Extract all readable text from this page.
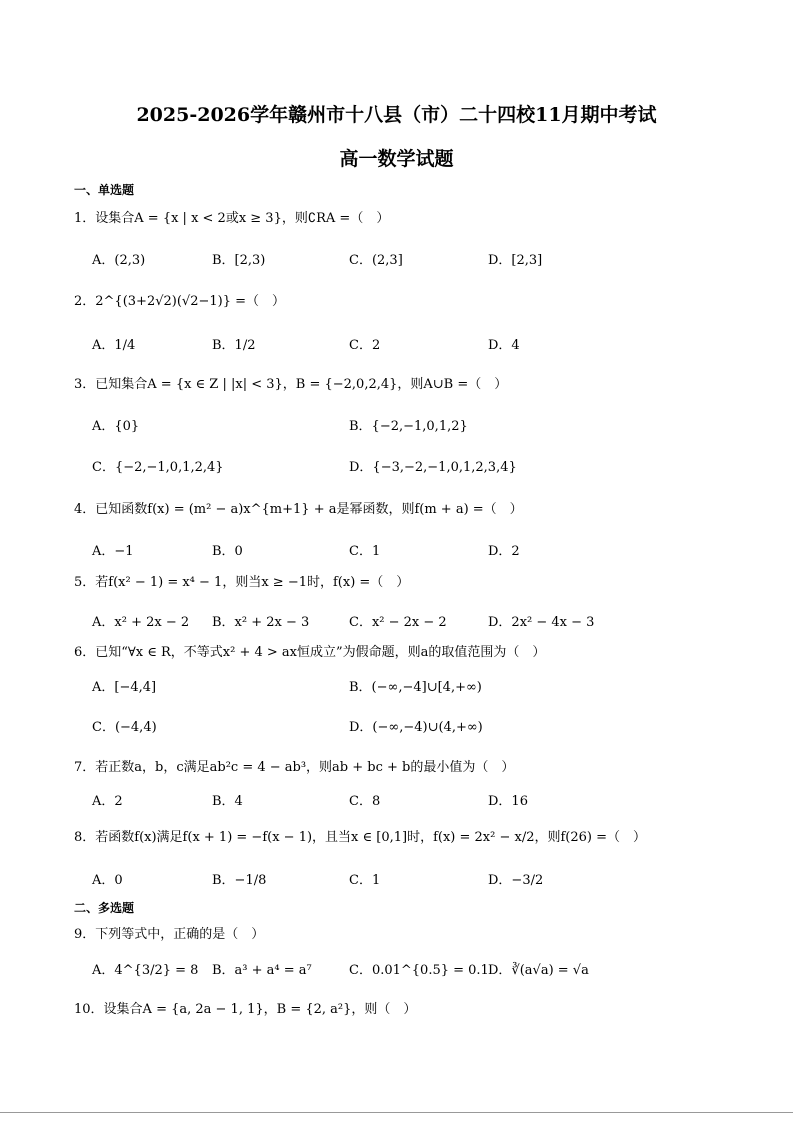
2025-2026学年赣州市十八县（市）二十四校11月期中考试
高一数学试题
一、单选题
1．设集合A = {x | x < 2或x ≥ 3}，则∁RA =（　）
A．(2,3)	B．[2,3)	C．(2,3]	D．[2,3]
2．2^{(3+2√2)(√2−1)} =（　）
A．1/4	B．1/2	C．2	D．4
3．已知集合A = {x ∈ Z | |x| < 3}，B = {−2,0,2,4}，则A∪B =（　）
A．{0}	B．{−2,−1,0,1,2}
C．{−2,−1,0,1,2,4}	D．{−3,−2,−1,0,1,2,3,4}
4．已知函数f(x) = (m² − a)x^{m+1} + a是幂函数，则f(m + a) =（　）
A．−1	B．0	C．1	D．2
5．若f(x² − 1) = x⁴ − 1，则当x ≥ −1时，f(x) =（　）
A．x² + 2x − 2 B．x² + 2x − 3	C．x² − 2x − 2	D．2x² − 4x − 3
6．已知“∀x ∈ R，不等式x² + 4 > ax恒成立”为假命题，则a的取值范围为（　）
A．[−4,4]	B．(−∞,−4]∪[4,+∞)
C．(−4,4)	D．(−∞,−4)∪(4,+∞)
7．若正数a，b，c满足ab²c = 4 − ab³，则ab + bc + b的最小值为（　）
A．2	B．4	C．8	D．16
8．若函数f(x)满足f(x + 1) = −f(x − 1)，且当x ∈ [0,1]时，f(x) = 2x² − x/2，则f(26) =（　）
A．0	B．−1/8	C．1	D．−3/2
二、多选题
9．下列等式中，正确的是（　）
A．4^{3/2} = 8 B．a³ + a⁴ = a⁷	C．0.01^{0.5} = 0.1 D．∛(a√a) = √a
10．设集合A = {a, 2a − 1, 1}，B = {2, a²}，则（　）
